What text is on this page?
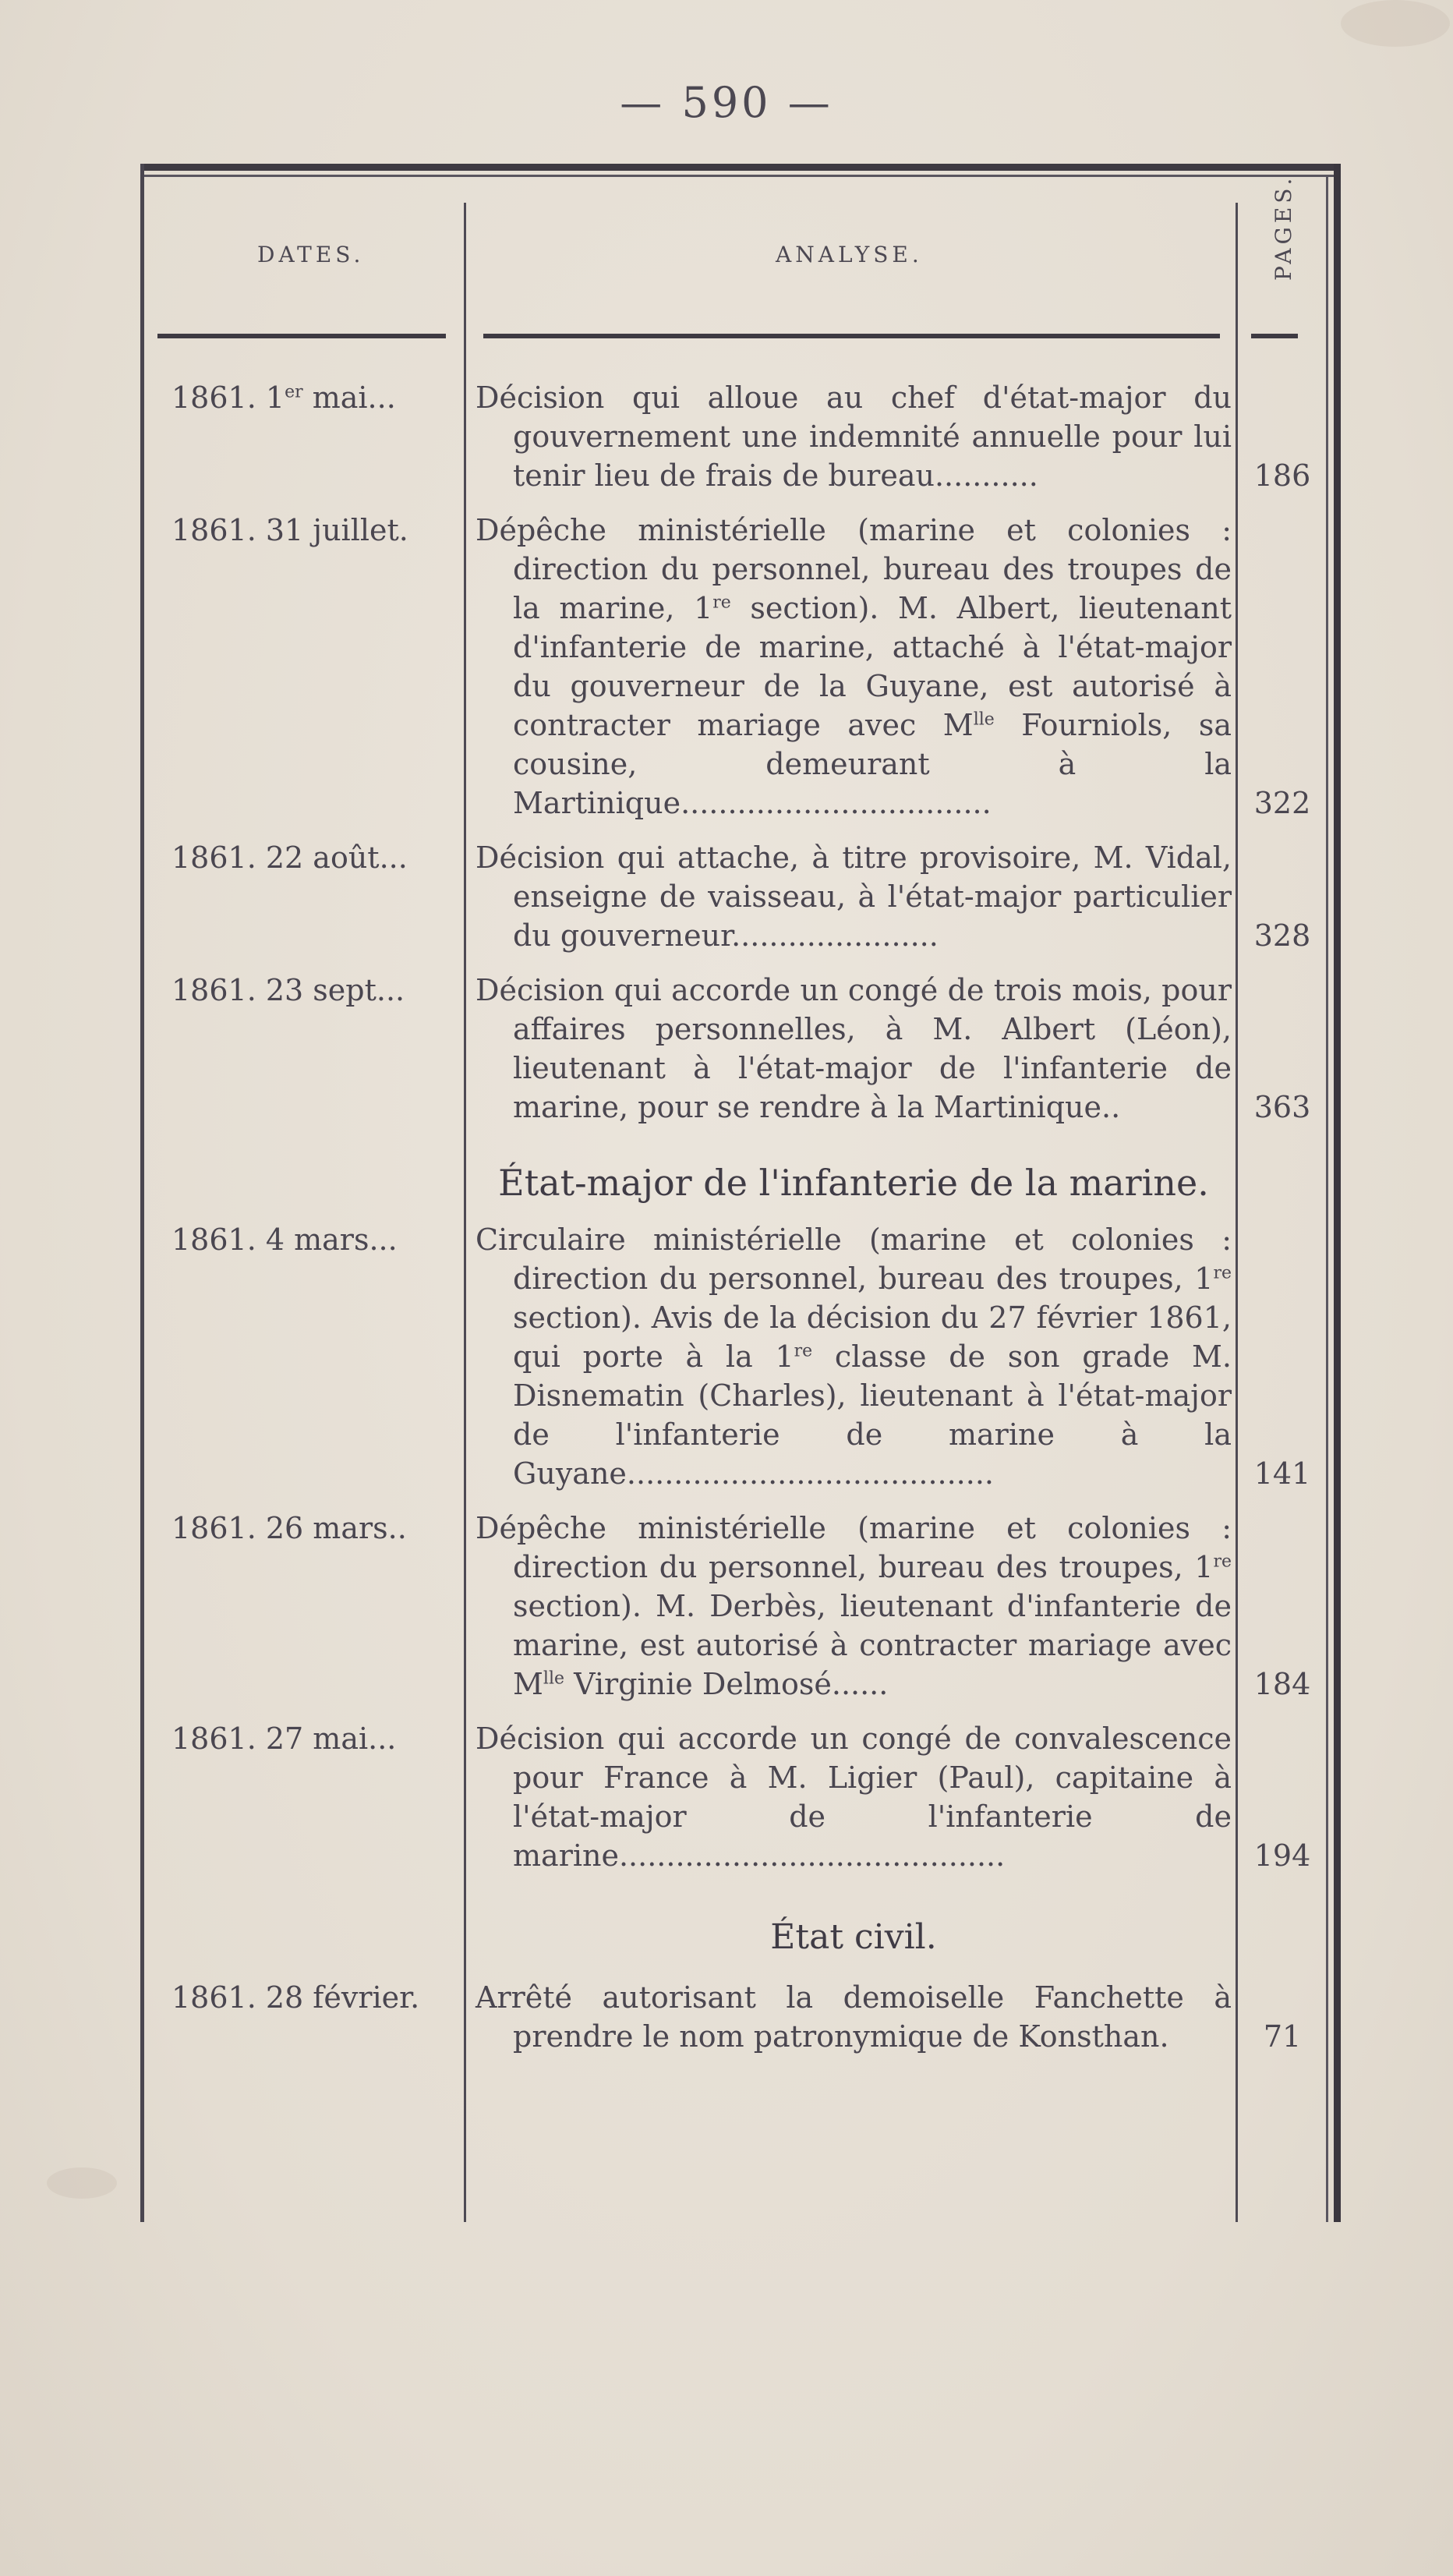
— 590 —
DATES.	ANALYSE.	PAGES.
1861. 1er mai...	Décision qui alloue au chef d'état-major du gouvernement une indemnité annuelle pour lui tenir lieu de frais de bureau...........	186
1861. 31 juillet. Dépêche ministérielle (marine et colonies : direction du personnel, bureau des troupes de la marine, 1re section). M. Albert, lieutenant d'infanterie de marine, attaché à l'état-major du gouverneur de la Guyane, est autorisé à contracter mariage avec $M^{lle}$ Fourniols, sa cousine, demeurant à la Martinique.................................	322
1861. 22 août... Décision qui attache, à titre provisoire, M. Vidal, enseigne de vaisseau, à l'état-major particulier du gouverneur......................	328
1861. 23 sept... Décision qui accorde un congé de trois mois, pour affaires personnelles, à M. Albert (Léon), lieutenant à l'état-major de l'infanterie de marine, pour se rendre à la Martinique..	363
État-major de l'infanterie de la marine.
1861. 4 mars...	Circulaire ministérielle (marine et colonies : direction du personnel, bureau des troupes, 1re section). Avis de la décision du 27 février 1861, qui porte à la 1re classe de son grade M. Disnematin (Charles), lieutenant à l'état-major de l'infanterie de marine à la Guyane.......................................	141
1861. 26 mars.. Dépêche ministérielle (marine et colonies : direction du personnel, bureau des troupes, 1re section). M. Derbès, lieutenant d'infanterie de marine, est autorisé à contracter mariage avec $M^{lle}$ Virginie Delmosé......	184
1861. 27 mai...	Décision qui accorde un congé de convalescence pour France à M. Ligier (Paul), capitaine à l'état-major de l'infanterie de marine.........................................	194
État civil.
1861. 28 février. Arrêté autorisant la demoiselle Fanchette à prendre le nom patronymique de Konsthan.	71
